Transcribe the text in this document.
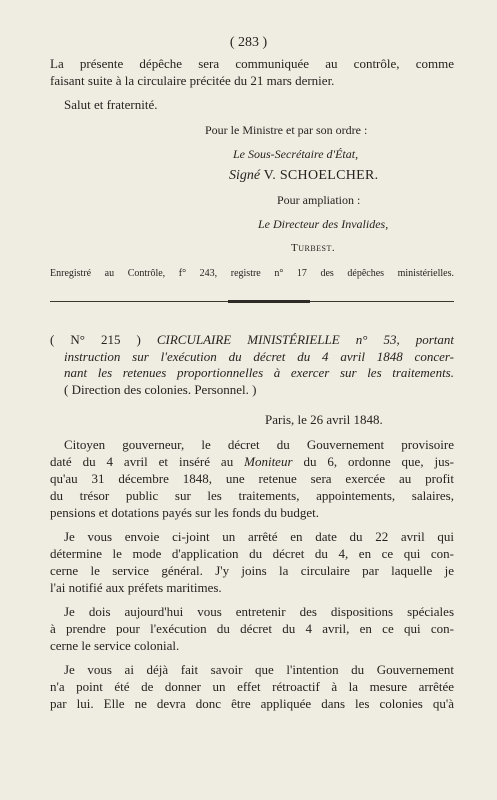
( 283 )
La présente dépêche sera communiquée au contrôle, comme
faisant suite à la circulaire précitée du 21 mars dernier.
Salut et fraternité.
Pour le Ministre et par son ordre :
Le Sous-Secrétaire d'État,
Signé V. SCHOELCHER.
Pour ampliation :
Le Directeur des Invalides,
Turbest.
Enregistré au Contrôle, f° 243, registre n° 17 des dépêches ministérielles.
( N° 215 ) CIRCULAIRE MINISTÉRIELLE n° 53, portant
instruction sur l'exécution du décret du 4 avril 1848 concer-
nant les retenues proportionnelles à exercer sur les traitements.
( Direction des colonies. Personnel. )
Paris, le 26 avril 1848.
Citoyen gouverneur, le décret du Gouvernement provisoire
daté du 4 avril et inséré au Moniteur du 6, ordonne que, jus-
qu'au 31 décembre 1848, une retenue sera exercée au profit
du trésor public sur les traitements, appointements, salaires,
pensions et dotations payés sur les fonds du budget.
Je vous envoie ci-joint un arrêté en date du 22 avril qui
détermine le mode d'application du décret du 4, en ce qui con-
cerne le service général. J'y joins la circulaire par laquelle je
l'ai notifié aux préfets maritimes.
Je dois aujourd'hui vous entretenir des dispositions spéciales
à prendre pour l'exécution du décret du 4 avril, en ce qui con-
cerne le service colonial.
Je vous ai déjà fait savoir que l'intention du Gouvernement
n'a point été de donner un effet rétroactif à la mesure arrêtée
par lui. Elle ne devra donc être appliquée dans les colonies qu'à
